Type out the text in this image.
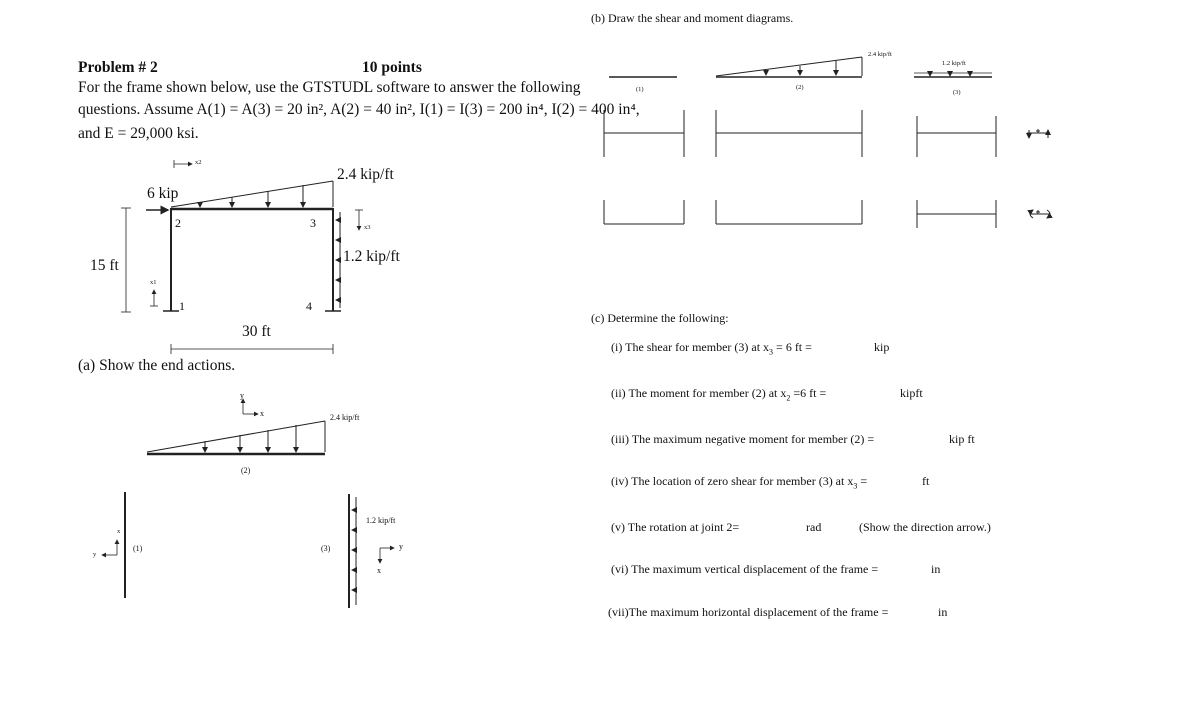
Problem # 2	10 points
For the frame shown below, use the GTSTUDL software to answer the following
questions. Assume A(1) = A(3) = 20 in², A(2) = 40 in², I(1) = I(3) = 200 in⁴, I(2) = 400 in⁴,
and E = 29,000 ksi.
6 kip
2.4 kip/ft
1.2 kip/ft
15 ft
30 ft
2	3
1	4
x2
x3
x1
(a) Show the end actions.
2.4 kip/ft
y
x
(2)
(1)
x
y
(3)
1.2 kip/ft
y
x
(b) Draw the shear and moment diagrams.
2.4 kip/ft
1.2 kip/ft
(1)	(2)
(3)
(c) Determine the following:
(i) The shear for member (3) at $x_3 = 6$ ft =	kip
(ii) The moment for member (2) at $x_2 =6$ ft =	kipft
(iii) The maximum negative moment for member (2) =	kip ft
(iv) The location of zero shear for member (3) at $x_3$ =	ft
(v) The rotation at joint 2=	rad	(Show the direction arrow.)
(vi) The maximum vertical displacement of the frame =	in
(vii)The maximum horizontal displacement of the frame =	in
